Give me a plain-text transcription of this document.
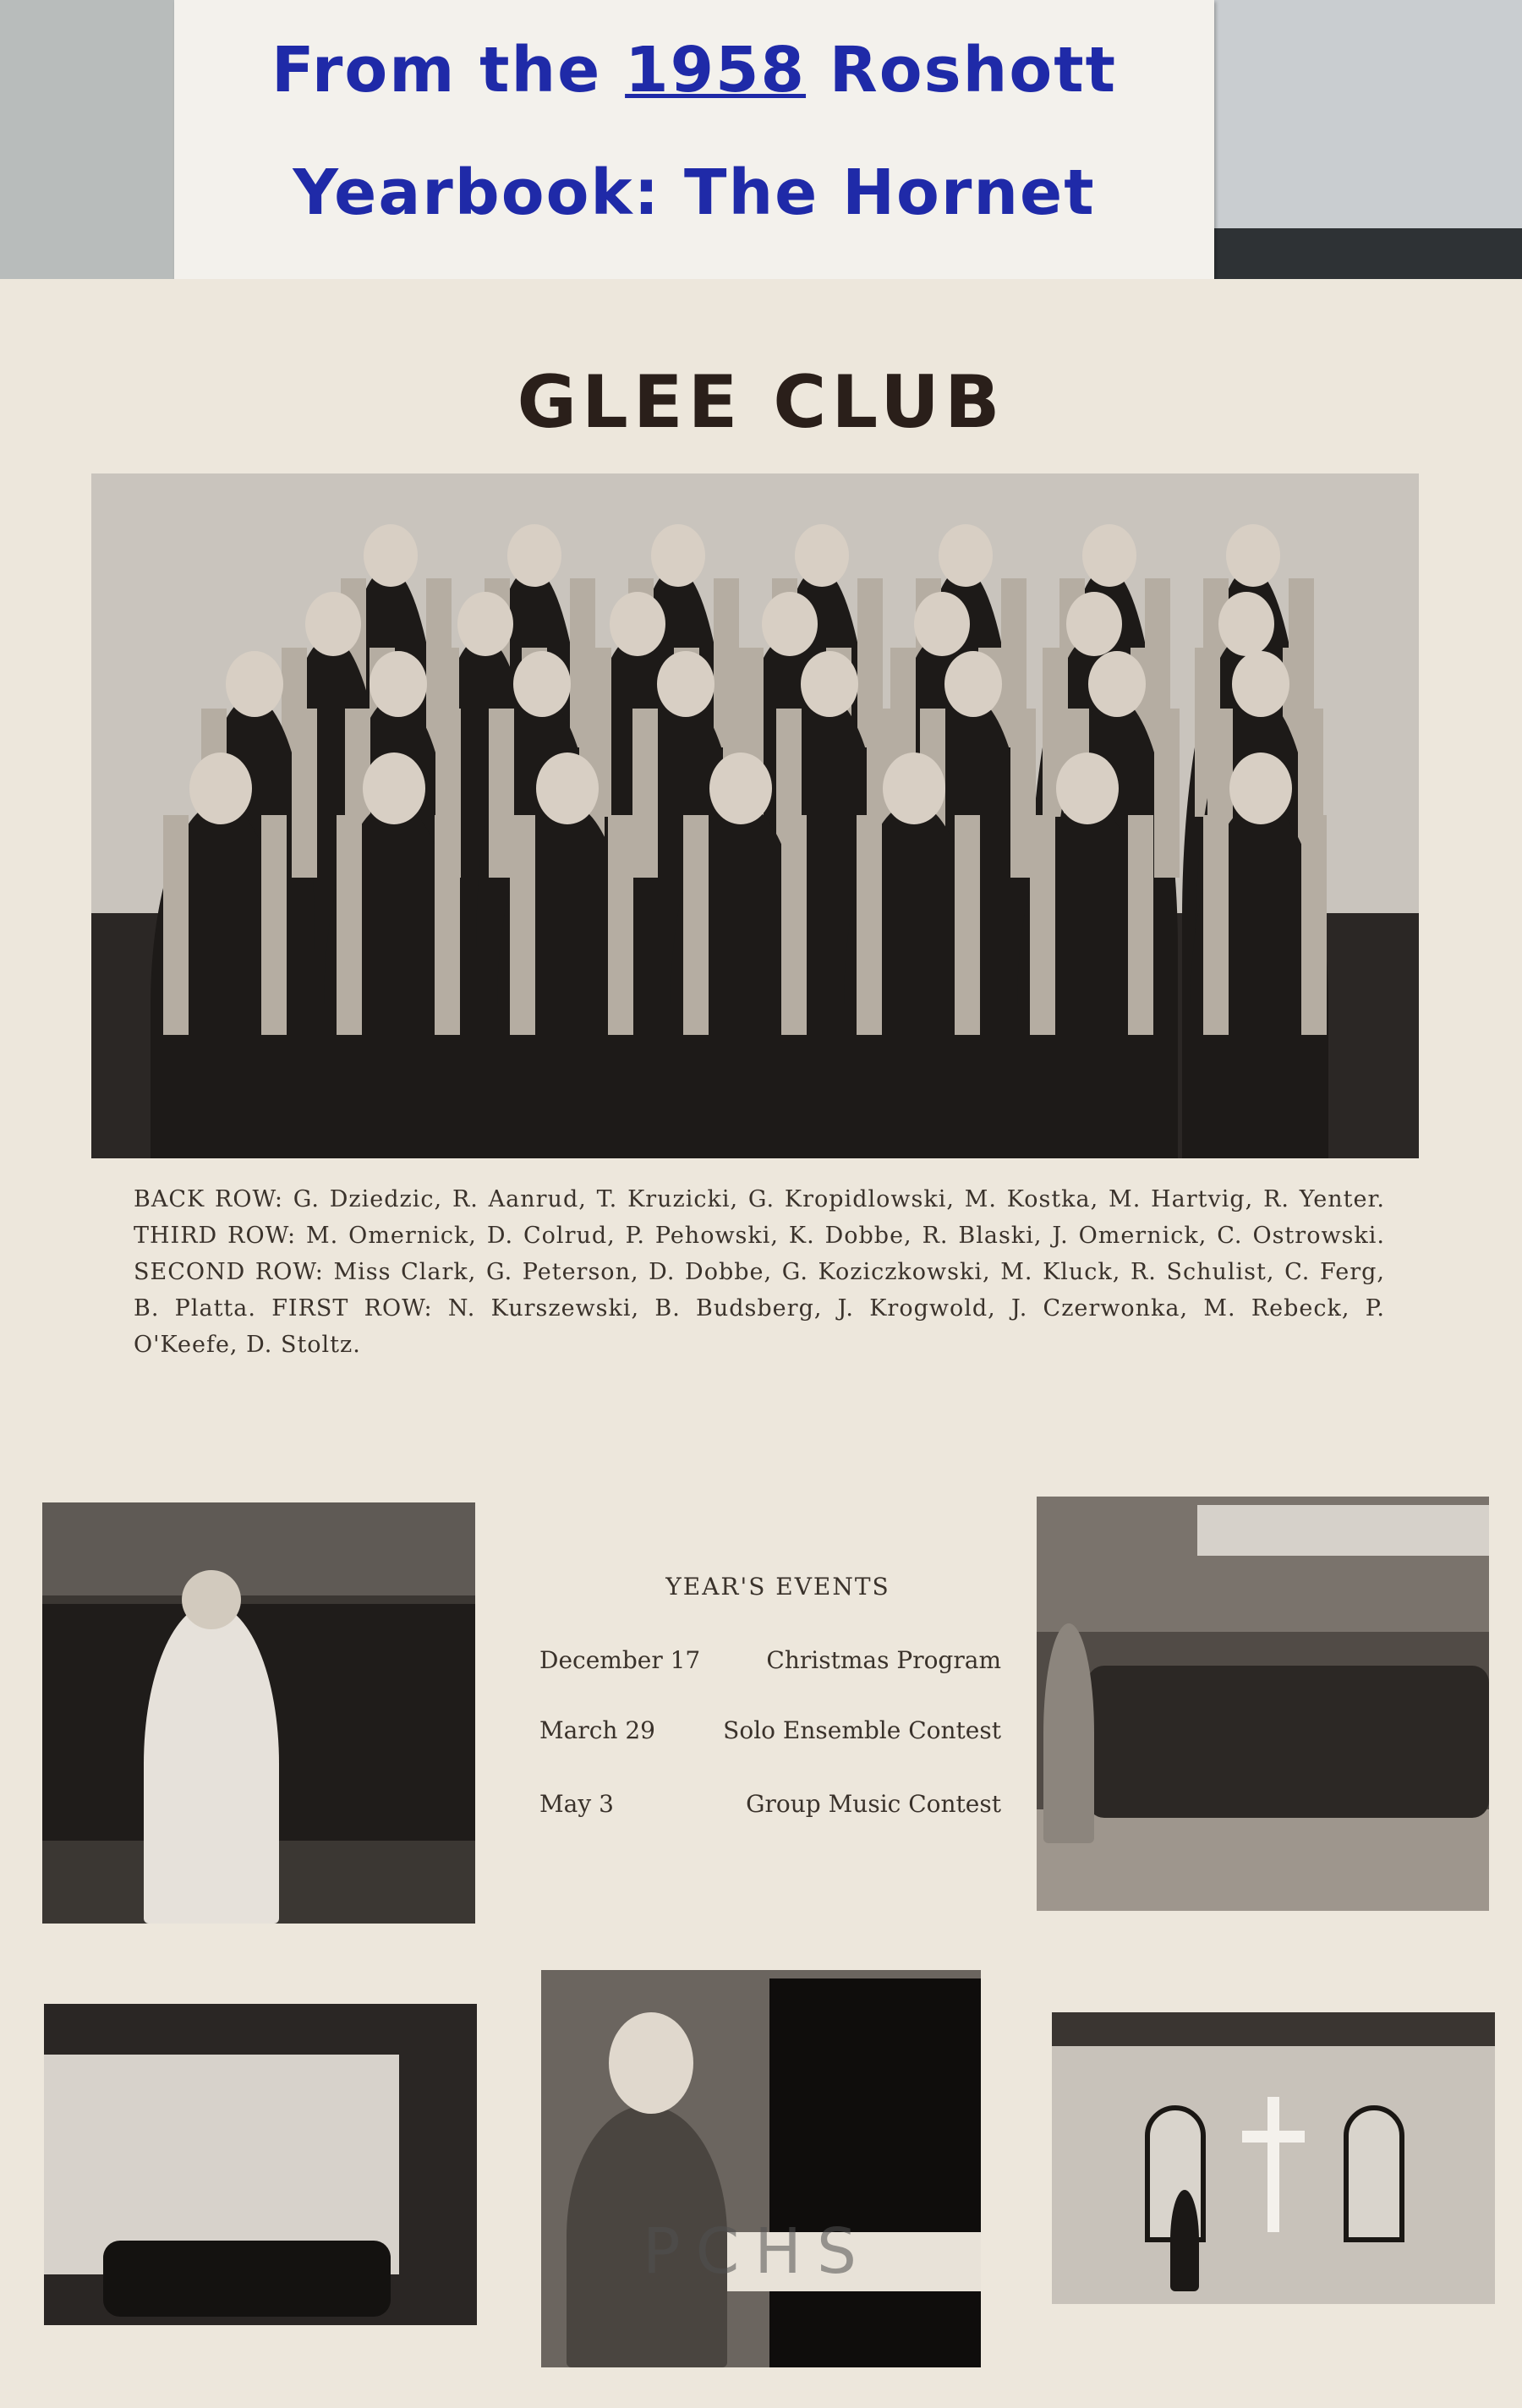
From the 1958 Roshott
Yearbook: The Hornet
GLEE CLUB
BACK ROW: G. Dziedzic, R. Aanrud, T. Kruzicki, G. Kropidlowski, M. Kostka, M. Hartvig, R. Yenter. THIRD ROW: M. Omernick, D. Colrud, P. Pehowski, K. Dobbe, R. Blaski, J. Omernick, C. Ostrowski. SECOND ROW: Miss Clark, G. Peterson, D. Dobbe, G. Koziczkowski, M. Kluck, R. Schulist, C. Ferg, B. Platta. FIRST ROW: N. Kurszewski, B. Budsberg, J. Krogwold, J. Czerwonka, M. Rebeck, P. O'Keefe, D. Stoltz.
YEAR'S EVENTS
December 17	Christmas Program
March 29	Solo Ensemble Contest
May 3	Group Music Contest
PCHS
